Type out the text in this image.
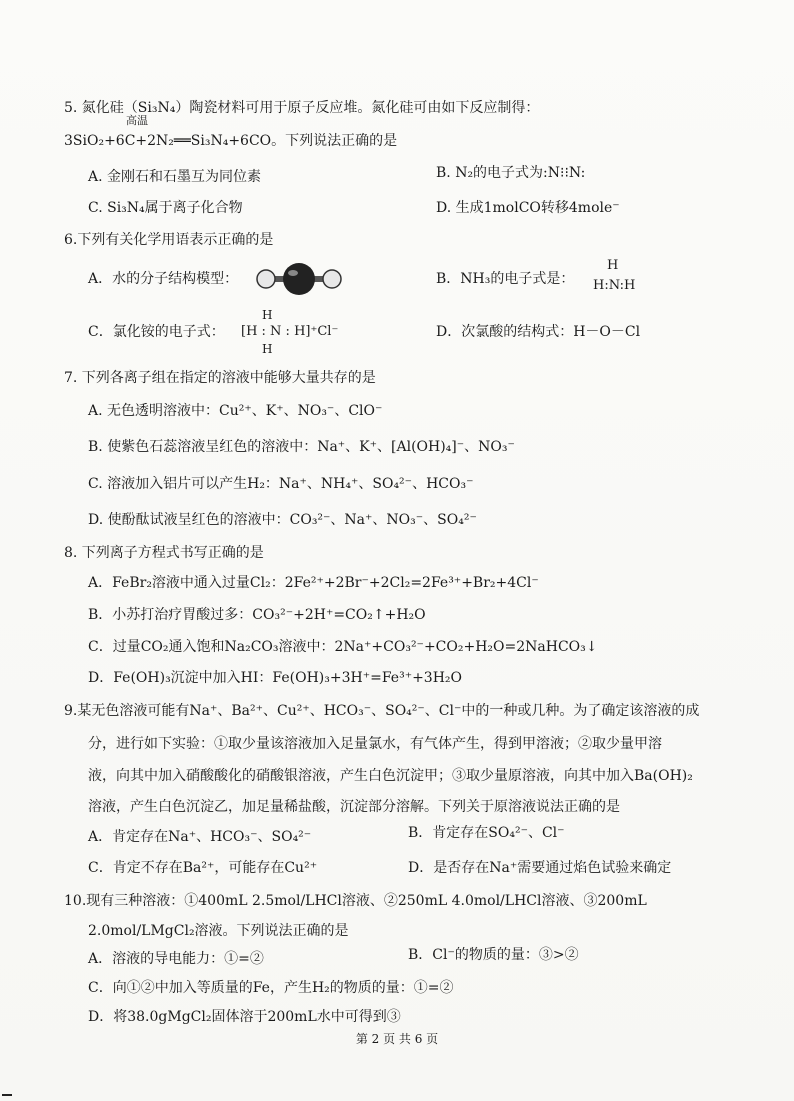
5. 氮化硅（Si₃N₄）陶瓷材料可用于原子反应堆。氮化硅可由如下反应制得：
高温
3SiO₂+6C+2N₂══Si₃N₄+6CO。下列说法正确的是
A. 金刚石和石墨互为同位素	B. N₂的电子式为:N⁝⁝N:
C. Si₃N₄属于离子化合物	D. 生成1molCO转移4mole⁻
6.下列有关化学用语表示正确的是
A．水的分子结构模型：	B．NH₃的电子式是：
H
H:N:H
C．氯化铵的电子式：
H
[H : N : H]⁺Cl⁻
H
D．次氯酸的结构式：H－O－Cl
7. 下列各离子组在指定的溶液中能够大量共存的是
A. 无色透明溶液中：Cu²⁺、K⁺、NO₃⁻、ClO⁻
B. 使紫色石蕊溶液呈红色的溶液中：Na⁺、K⁺、[Al(OH)₄]⁻、NO₃⁻
C. 溶液加入铝片可以产生H₂：Na⁺、NH₄⁺、SO₄²⁻、HCO₃⁻
D. 使酚酞试液呈红色的溶液中：CO₃²⁻、Na⁺、NO₃⁻、SO₄²⁻
8. 下列离子方程式书写正确的是
A．FeBr₂溶液中通入过量Cl₂：2Fe²⁺+2Br⁻+2Cl₂=2Fe³⁺+Br₂+4Cl⁻
B．小苏打治疗胃酸过多：CO₃²⁻+2H⁺=CO₂↑+H₂O
C．过量CO₂通入饱和Na₂CO₃溶液中：2Na⁺+CO₃²⁻+CO₂+H₂O=2NaHCO₃↓
D．Fe(OH)₃沉淀中加入HI：Fe(OH)₃+3H⁺=Fe³⁺+3H₂O
9.某无色溶液可能有Na⁺、Ba²⁺、Cu²⁺、HCO₃⁻、SO₄²⁻、Cl⁻中的一种或几种。为了确定该溶液的成
分，进行如下实验：①取少量该溶液加入足量氯水，有气体产生，得到甲溶液；②取少量甲溶
液，向其中加入硝酸酸化的硝酸银溶液，产生白色沉淀甲；③取少量原溶液，向其中加入Ba(OH)₂
溶液，产生白色沉淀乙，加足量稀盐酸，沉淀部分溶解。下列关于原溶液说法正确的是
A．肯定存在Na⁺、HCO₃⁻、SO₄²⁻	B．肯定存在SO₄²⁻、Cl⁻
C．肯定不存在Ba²⁺，可能存在Cu²⁺	D．是否存在Na⁺需要通过焰色试验来确定
10.现有三种溶液：①400mL 2.5mol/LHCl溶液、②250mL 4.0mol/LHCl溶液、③200mL
2.0mol/LMgCl₂溶液。下列说法正确的是
A．溶液的导电能力：①=②	B．Cl⁻的物质的量：③>②
C．向①②中加入等质量的Fe，产生H₂的物质的量：①=②
D．将38.0gMgCl₂固体溶于200mL水中可得到③
第 2 页 共 6 页
